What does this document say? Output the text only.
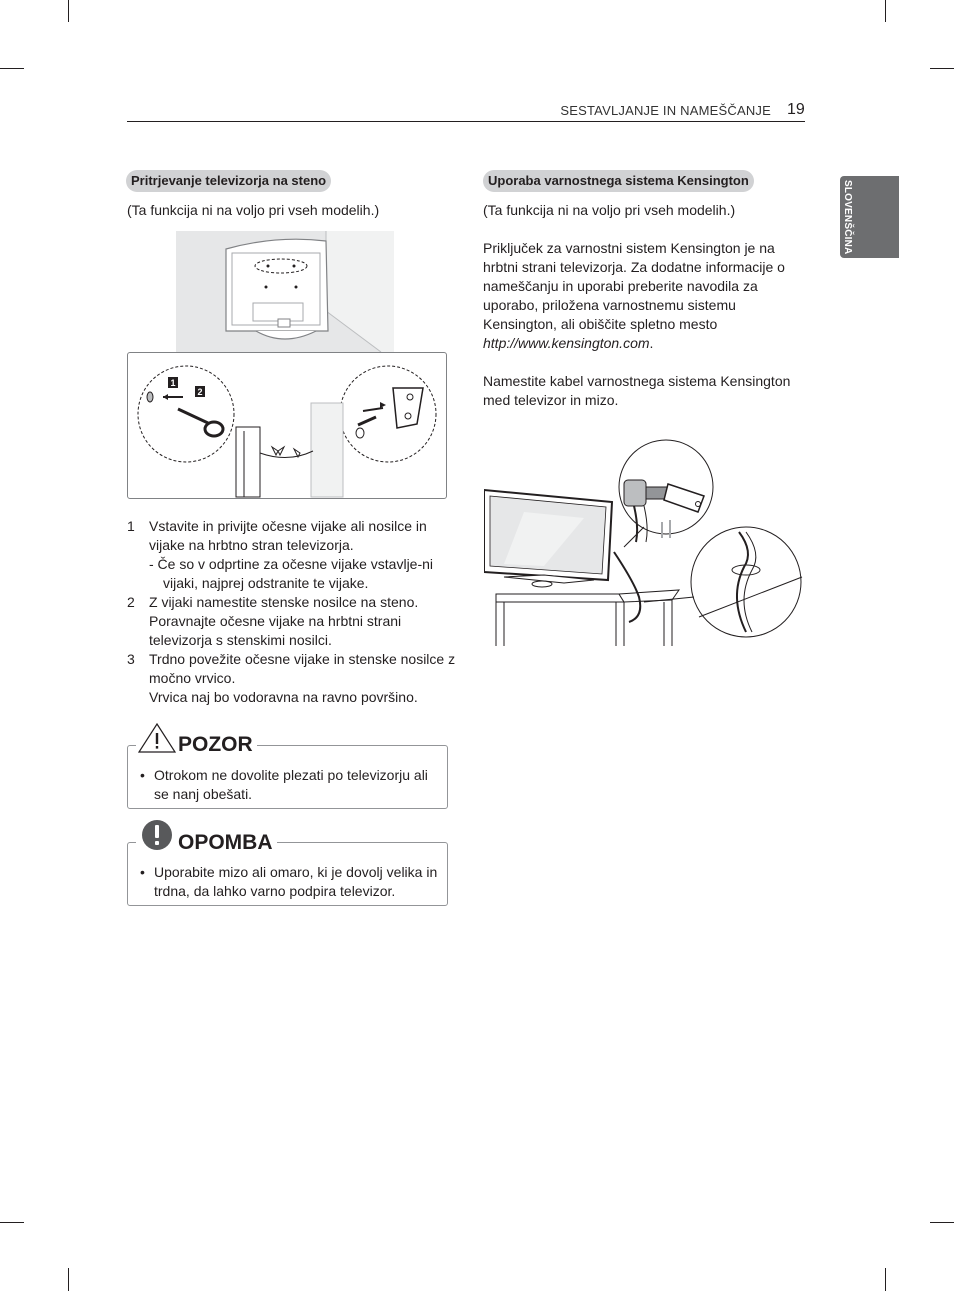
SESTAVLJANJE IN NAMEŠČANJE 19
SLOVENŠČINA
Pritrjevanje televizorja na steno
(Ta funkcija ni na voljo pri vseh modelih.)
1
2
1 Vstavite in privijte očesne vijake ali nosilce in vijake na hrbtno stran televizorja.
- Če so v odprtine za očesne vijake vstavlje-ni vijaki, najprej odstranite te vijake.
2 Z vijaki namestite stenske nosilce na steno. Poravnajte očesne vijake na hrbtni strani televizorja s stenskimi nosilci.
3 Trdno povežite očesne vijake in stenske nosilce z močno vrvico.
Vrvica naj bo vodoravna na ravno površino.
• Otrokom ne dovolite plezati po televizorju ali se nanj obešati.
POZOR
• Uporabite mizo ali omaro, ki je dovolj velika in trdna, da lahko varno podpira televizor.
OPOMBA
Uporaba varnostnega sistema Kensington

(Ta funkcija ni na voljo pri vseh modelih.)

Priključek za varnostni sistem Kensington je na hrbtni strani televizorja. Za dodatne informacije o nameščanju in uporabi preberite navodila za uporabo, priložena varnostnemu sistemu Kensington, ali obiščite spletno mesto http://www.kensington.com.

Namestite kabel varnostnega sistema Kensington med televizor in mizo.
